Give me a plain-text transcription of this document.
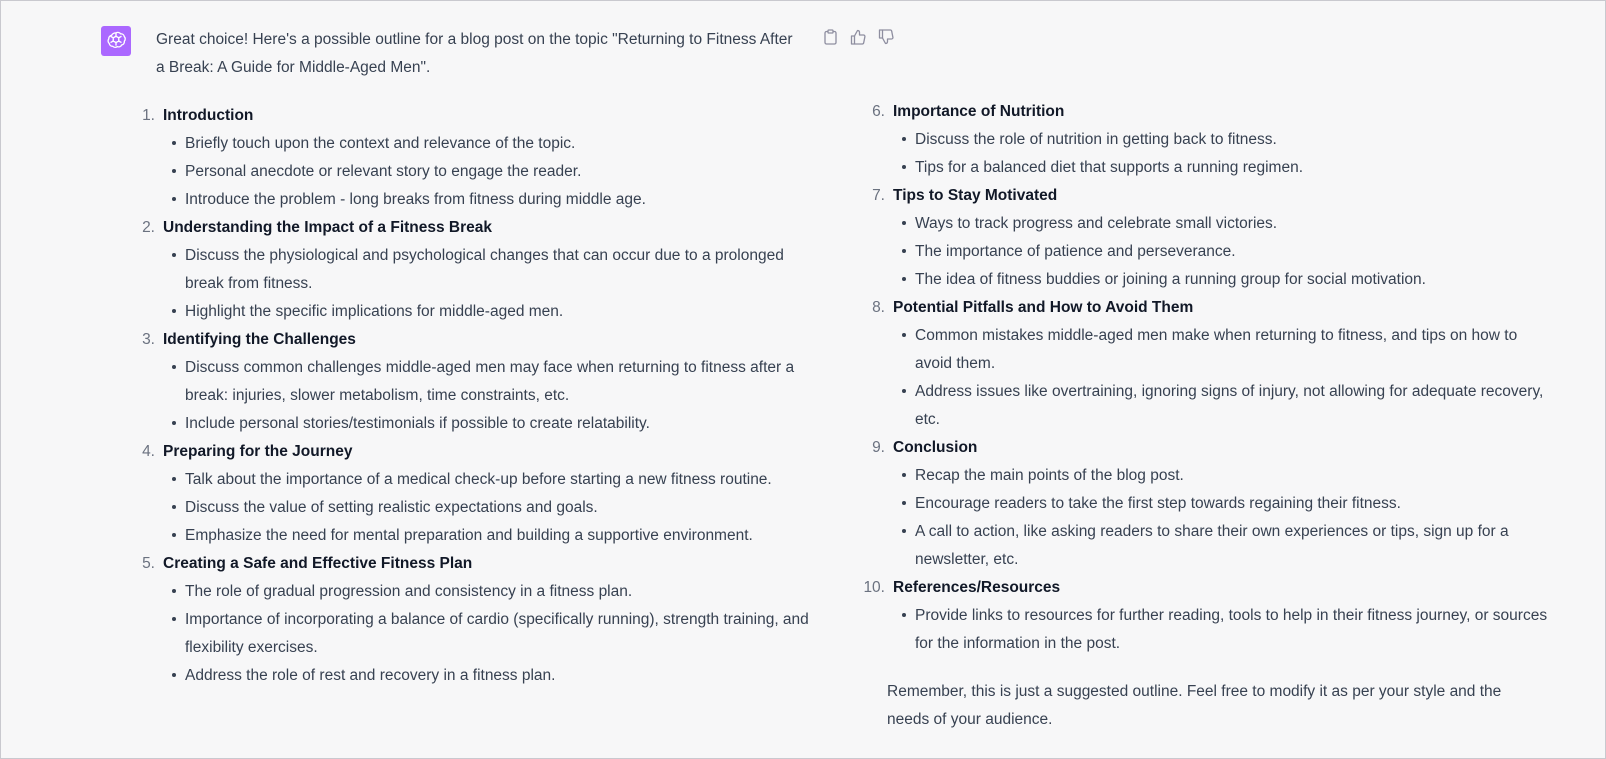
Great choice! Here's a possible outline for a blog post on the topic "Returning to Fitness After a Break: A Guide for Middle-Aged Men".
1. Introduction
Briefly touch upon the context and relevance of the topic.
Personal anecdote or relevant story to engage the reader.
Introduce the problem - long breaks from fitness during middle age.
2. Understanding the Impact of a Fitness Break
Discuss the physiological and psychological changes that can occur due to a prolonged break from fitness.
Highlight the specific implications for middle-aged men.
3. Identifying the Challenges
Discuss common challenges middle-aged men may face when returning to fitness after a break: injuries, slower metabolism, time constraints, etc.
Include personal stories/testimonials if possible to create relatability.
4. Preparing for the Journey
Talk about the importance of a medical check-up before starting a new fitness routine.
Discuss the value of setting realistic expectations and goals.
Emphasize the need for mental preparation and building a supportive environment.
5. Creating a Safe and Effective Fitness Plan
The role of gradual progression and consistency in a fitness plan.
Importance of incorporating a balance of cardio (specifically running), strength training, and flexibility exercises.
Address the role of rest and recovery in a fitness plan.
6. Importance of Nutrition
Discuss the role of nutrition in getting back to fitness.
Tips for a balanced diet that supports a running regimen.
7. Tips to Stay Motivated
Ways to track progress and celebrate small victories.
The importance of patience and perseverance.
The idea of fitness buddies or joining a running group for social motivation.
8. Potential Pitfalls and How to Avoid Them
Common mistakes middle-aged men make when returning to fitness, and tips on how to avoid them.
Address issues like overtraining, ignoring signs of injury, not allowing for adequate recovery, etc.
9. Conclusion
Recap the main points of the blog post.
Encourage readers to take the first step towards regaining their fitness.
A call to action, like asking readers to share their own experiences or tips, sign up for a newsletter, etc.
10. References/Resources
Provide links to resources for further reading, tools to help in their fitness journey, or sources for the information in the post.
Remember, this is just a suggested outline. Feel free to modify it as per your style and the needs of your audience.
